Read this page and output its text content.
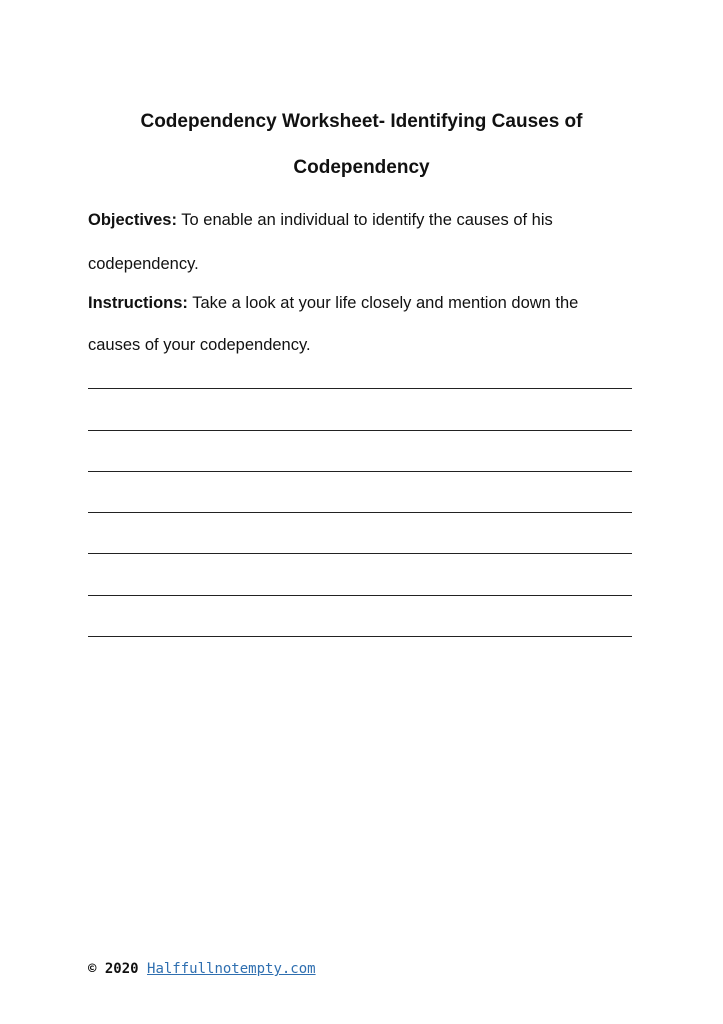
Codependency Worksheet- Identifying Causes of
Codependency

Objectives: To enable an individual to identify the causes of his

codependency.

Instructions: Take a look at your life closely and mention down the

causes of your codependency.

© 2020 Halffullnotempty.com
